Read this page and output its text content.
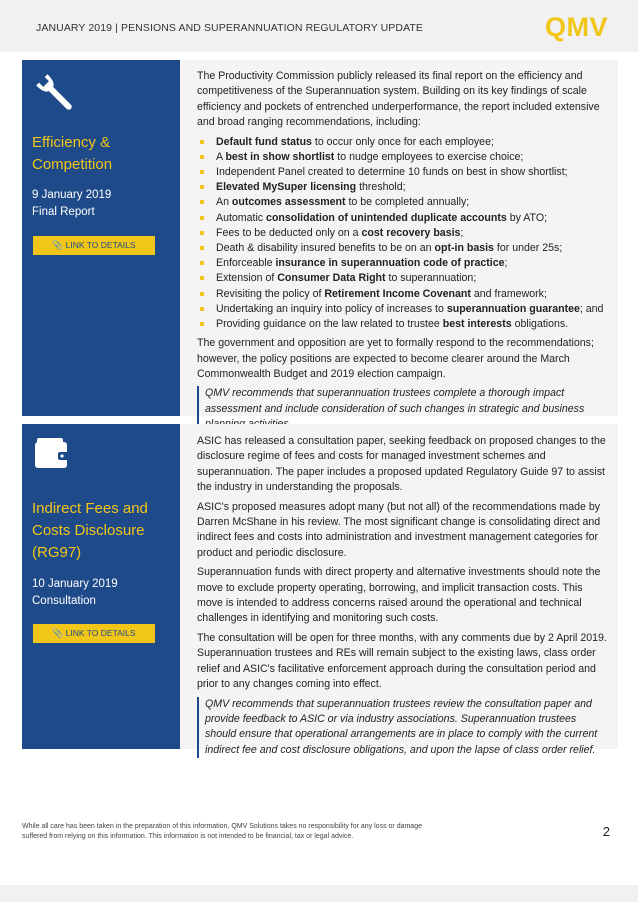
JANUARY 2019 | PENSIONS AND SUPERANNUATION REGULATORY UPDATE	QMV
Efficiency &
Competition
9 January 2019
Final Report
📎 LINK TO DETAILS

The Productivity Commission publicly released its final report on the efficiency and competitiveness of the Superannuation system. Building on its key findings of scale efficiency and pockets of entrenched underperformance, the report included extensive and broad ranging recommendations, including:

Default fund status to occur only once for each employee;
A best in show shortlist to nudge employees to exercise choice;
Independent Panel created to determine 10 funds on best in show shortlist;
Elevated MySuper licensing threshold;
An outcomes assessment to be completed annually;
Automatic consolidation of unintended duplicate accounts by ATO;
Fees to be deducted only on a cost recovery basis;
Death & disability insured benefits to be on an opt-in basis for under 25s;
Enforceable insurance in superannuation code of practice;
Extension of Consumer Data Right to superannuation;
Revisiting the policy of Retirement Income Covenant and framework;
Undertaking an inquiry into policy of increases to superannuation guarantee; and
Providing guidance on the law related to trustee best interests obligations.

The government and opposition are yet to formally respond to the recommendations; however, the policy positions are expected to become clearer around the March Commonwealth Budget and 2019 election campaign.

QMV recommends that superannuation trustees complete a thorough impact assessment and include consideration of such changes in strategic and business

Indirect Fees and
Costs Disclosure
(RG97)
10 January 2019
Consultation
📎 LINK TO DETAILS

ASIC has released a consultation paper, seeking feedback on proposed changes to the disclosure regime of fees and costs for managed investment schemes and superannuation. The paper includes a proposed updated Regulatory Guide 97 to assist the industry in understanding the proposals.

ASIC's proposed measures adopt many (but not all) of the recommendations made by Darren McShane in his review. The most significant change is consolidating direct and indirect fees and costs into administration and investment management categories for product and periodic disclosure.

Superannuation funds with direct property and alternative investments should note the move to exclude property operating, borrowing, and implicit transaction costs. This move is intended to address concerns raised around the operational and technical challenges in identifying and monitoring such costs.

The consultation will be open for three months, with any comments due by 2 April 2019. Superannuation trustees and REs will remain subject to the existing laws, class order relief and ASIC's facilitative enforcement approach during the consultation period and prior to any changes coming into effect.

QMV recommends that superannuation trustees review the consultation paper and provide feedback to ASIC or via industry associations. Superannuation trustees should ensure that operational arrangements are in place to comply with the current indirect fee and cost disclosure obligations, and upon the lapse of class order relief.

While all care has been taken in the preparation of this information, QMV Solutions takes no responsibility for any loss or damage suffered from relying on this information. This information is not intended to be financial, tax or legal advice.	2
